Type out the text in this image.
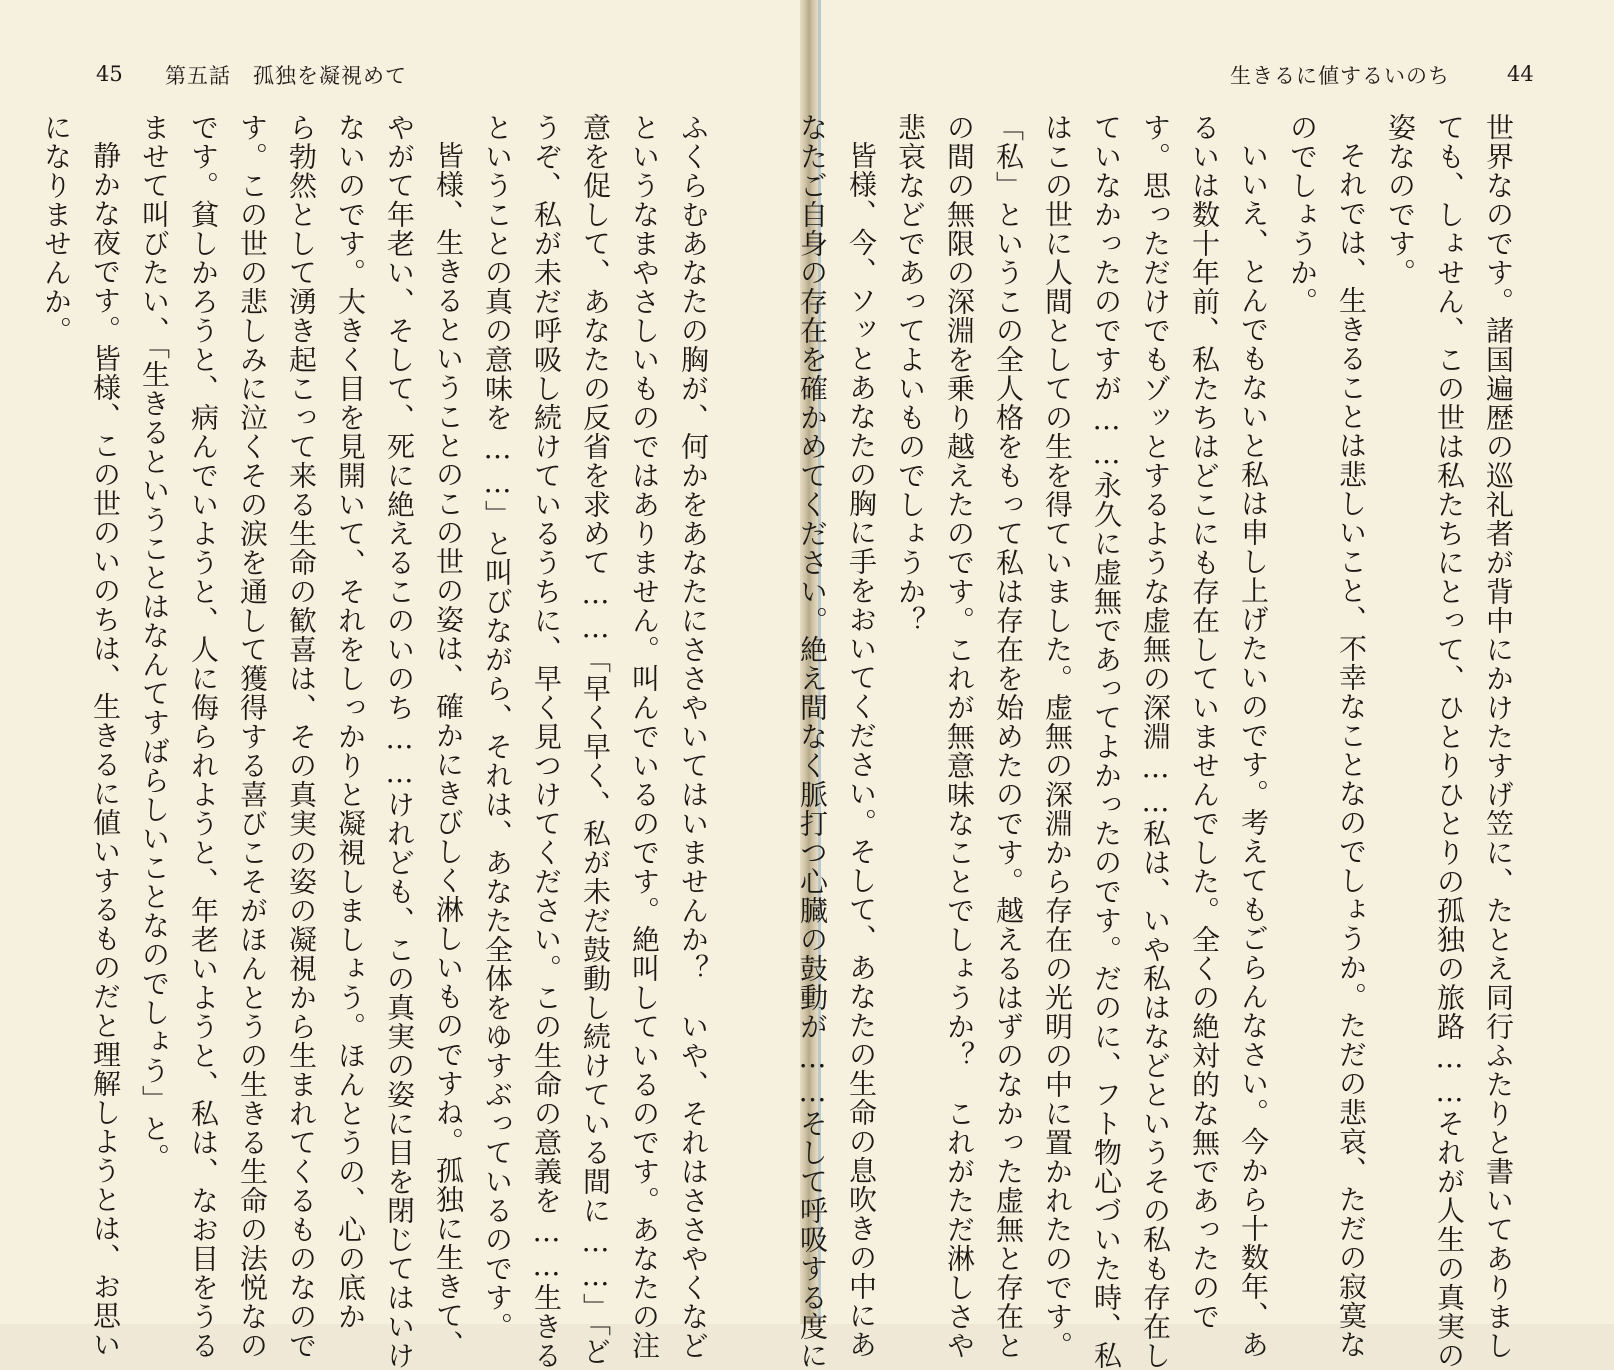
45 第五話　孤独を凝視めて	生きるに値するいのち	44
ふくらむあなたの胸が、何かをあなたにささやいてはいませんか？　いや、それはささやくなど
というなまやさしいものではありません。叫んでいるのです。絶叫しているのです。あなたの注
意を促して、あなたの反省を求めて……「早く早く、私が未だ鼓動し続けている間に……」「ど
うぞ、私が未だ呼吸し続けているうちに、早く見つけてください。この生命の意義を……生きる
ということの真の意味を……」と叫びながら、それは、あなた全体をゆすぶっているのです。
皆様、生きるということのこの世の姿は、確かにきびしく淋しいものですね。孤独に生きて、
やがて年老い、そして、死に絶えるこのいのち……けれども、この真実の姿に目を閉じてはいけ
ないのです。大きく目を見開いて、それをしっかりと凝視しましょう。ほんとうの、心の底か
ら勃然として湧き起こって来る生命の歓喜は、その真実の姿の凝視から生まれてくるものなので
す。この世の悲しみに泣くその涙を通して獲得する喜びこそがほんとうの生きる生命の法悦なの
です。貧しかろうと、病んでいようと、人に侮られようと、年老いようと、私は、なお目をうる
ませて叫びたい、「生きるということはなんてすばらしいことなのでしょう」と。
静かな夜です。皆様、この世のいのちは、生きるに値いするものだと理解しようとは、お思い
になりませんか。	世界なのです。諸国遍歴の巡礼者が背中にかけたすげ笠に、たとえ同行ふたりと書いてありまし
ても、しょせん、この世は私たちにとって、ひとりひとりの孤独の旅路……それが人生の真実の
姿なのです。
それでは、生きることは悲しいこと、不幸なことなのでしょうか。ただの悲哀、ただの寂寞な
のでしょうか。
いいえ、とんでもないと私は申し上げたいのです。考えてもごらんなさい。今から十数年、あ
るいは数十年前、私たちはどこにも存在していませんでした。全くの絶対的な無であったので
す。思っただけでもゾッとするような虚無の深淵……私は、いや私はなどというその私も存在し
ていなかったのですが……永久に虚無であってよかったのです。だのに、フト物心づいた時、私
はこの世に人間としての生を得ていました。虚無の深淵から存在の光明の中に置かれたのです。
「私」というこの全人格をもって私は存在を始めたのです。越えるはずのなかった虚無と存在と
の間の無限の深淵を乗り越えたのです。これが無意味なことでしょうか？　これがただ淋しさや
悲哀などであってよいものでしょうか？
皆様、今、ソッとあなたの胸に手をおいてください。そして、あなたの生命の息吹きの中にあ
なたご自身の存在を確かめてください。絶え間なく脈打つ心臓の鼓動が……そして呼吸する度に
